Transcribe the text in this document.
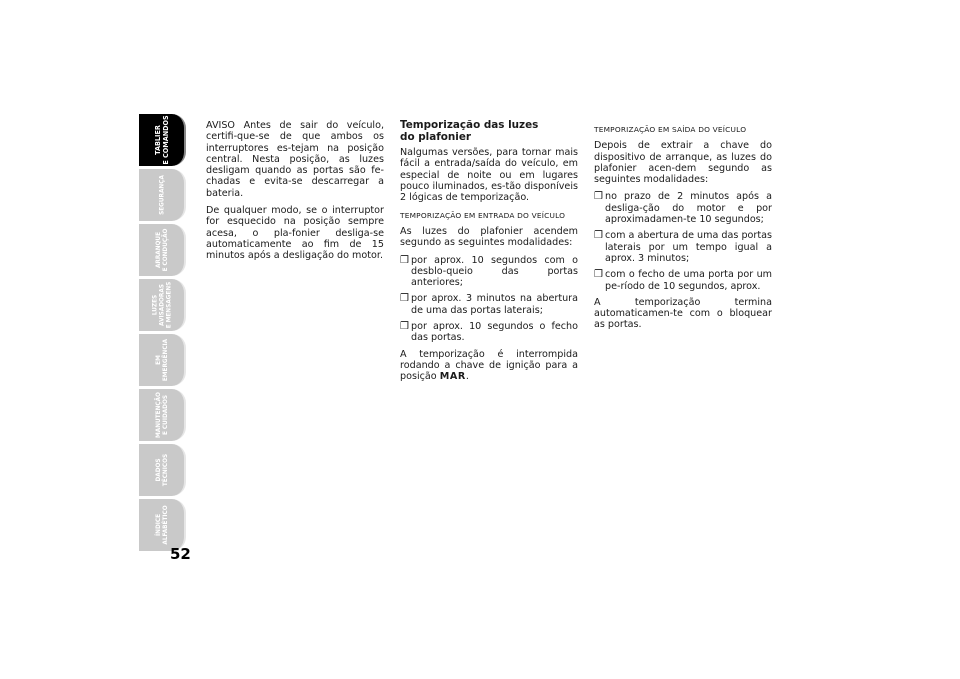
TABLIER
E COMANDOS
SEGURANÇA
ARRANQUE
E CONDUÇÃO
LUZES
AVISADORAS
E MENSAGENS
EM
EMERGÊNCIA
MANUTENÇÃO
E CUIDADOS
DADOS
TÉCNICOS
ÍNDICE
ALFABÉTICO
52

AVISO Antes de sair do veículo, certifi-que-se de que ambos os interruptores es-tejam na posição central. Nesta posição, as luzes desligam quando as portas são fe-chadas e evita-se descarregar a bateria.

De qualquer modo, se o interruptor for esquecido na posição sempre acesa, o pla-fonier desliga-se automaticamente ao fim de 15 minutos após a desligação do motor.

Temporização das luzes
do plafonier

Nalgumas versões, para tornar mais fácil a entrada/saída do veículo, em especial de noite ou em lugares pouco iluminados, es-tão disponíveis 2 lógicas de temporização.

TEMPORIZAÇÃO EM ENTRADA DO VEÍCULO

As luzes do plafonier acendem segundo as seguintes modalidades:

❒ por aprox. 10 segundos com o desblo-queio das portas anteriores;
❒ por aprox. 3 minutos na abertura de uma das portas laterais;
❒ por aprox. 10 segundos o fecho das portas.

A temporização é interrompida rodando a chave de ignição para a posição MAR.

TEMPORIZAÇÃO EM SAÍDA DO VEÍCULO

Depois de extrair a chave do dispositivo de arranque, as luzes do plafonier acen-dem segundo as seguintes modalidades:

❒ no prazo de 2 minutos após a desliga-ção do motor e por aproximadamen-te 10 segundos;
❒ com a abertura de uma das portas laterais por um tempo igual a aprox. 3 minutos;
❒ com o fecho de uma porta por um pe-ríodo de 10 segundos, aprox.

A temporização termina automaticamen-te com o bloquear as portas.
